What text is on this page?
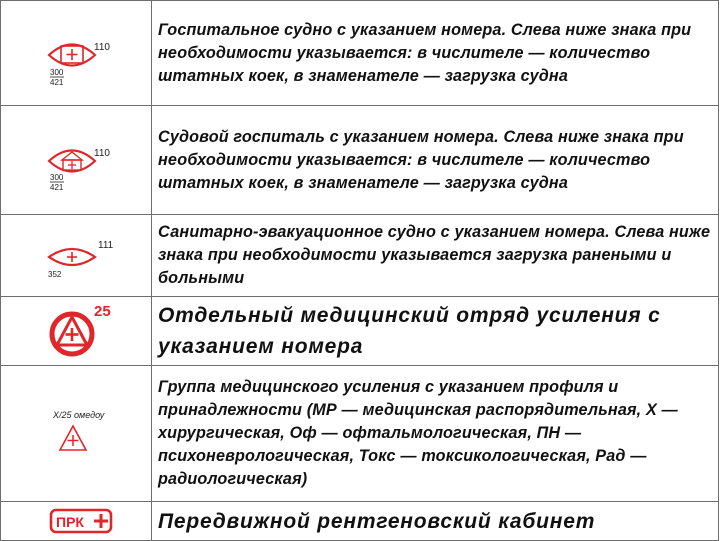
110
300
421	Госпитальное судно с указанием номера. Слева ниже знака при необходимости указывается: в числителе — количество штатных коек, в знаменателе — загрузка судна

110
300
421	Судовой госпиталь с указанием номера. Слева ниже знака при необходимости указывается: в числителе — количество штатных коек, в знаменателе — загрузка судна

111
352	Санитарно-эвакуационное судно с указанием номера. Слева ниже знака при необходимости указывается загрузка ранеными и больными

25	Отдельный медицинский отряд усиления с указанием номера

Х/25 омедоу	Группа медицинского усиления с указанием профиля и принадлежности (МР — медицинская распорядительная, Х — хирургическая, Оф — офтальмологическая, ПН — психоневрологическая, Токс — токсикологическая, Рад — радиологическая)

ПРК	Передвижной рентгеновский кабинет
